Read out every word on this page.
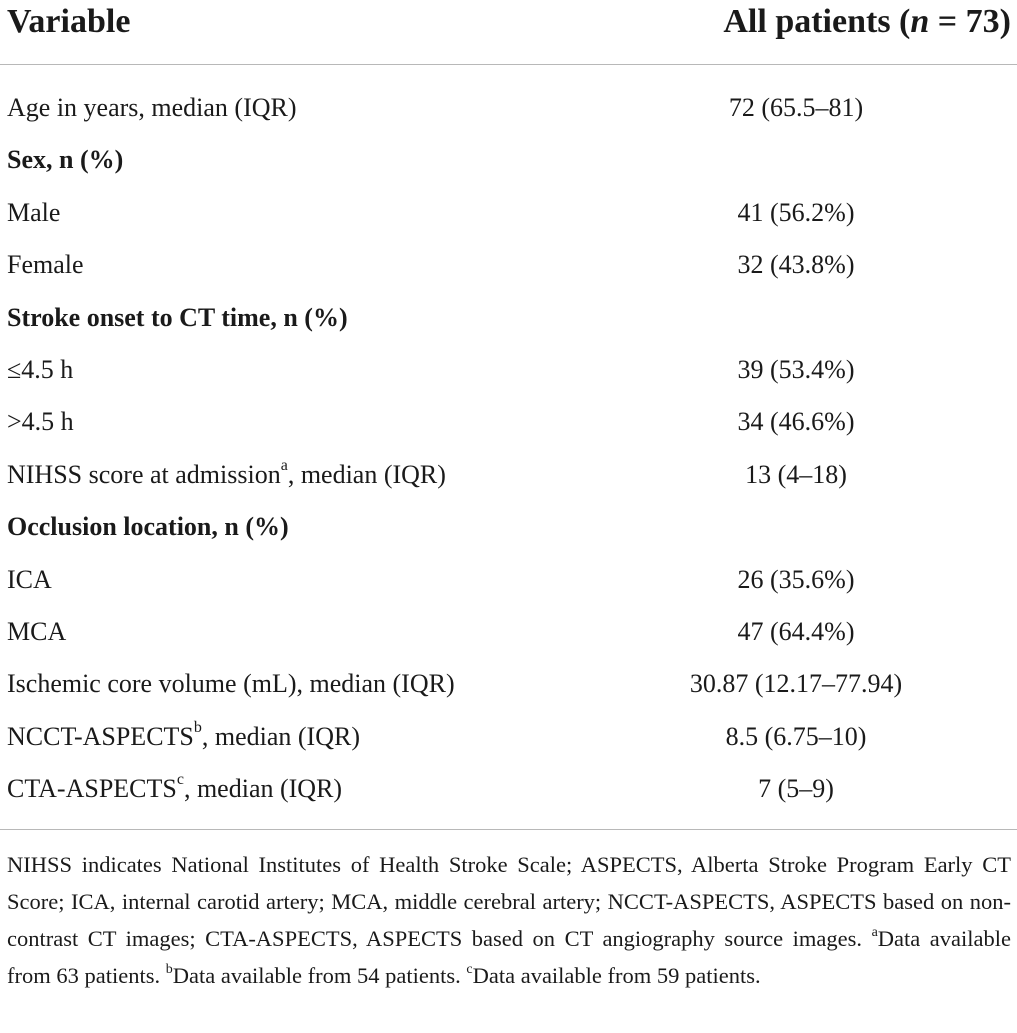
Variable	All patients (n = 73)
Age in years, median (IQR)	72 (65.5–81)
Sex, n (%)
Male	41 (56.2%)
Female	32 (43.8%)
Stroke onset to CT time, n (%)
≤4.5 h	39 (53.4%)
>4.5 h	34 (46.6%)
NIHSS score at admission$^a$, median (IQR)	13 (4–18)
Occlusion location, n (%)
ICA	26 (35.6%)
MCA	47 (64.4%)
Ischemic core volume (mL), median (IQR)	30.87 (12.17–77.94)
NCCT-ASPECTS$^b$, median (IQR)	8.5 (6.75–10)
CTA-ASPECTS$^c$, median (IQR)	7 (5–9)
NIHSS indicates National Institutes of Health Stroke Scale; ASPECTS, Alberta Stroke Program Early CT Score; ICA, internal carotid artery; MCA, middle cerebral artery; NCCT-ASPECTS, ASPECTS based on non-contrast CT images; CTA-ASPECTS, ASPECTS based on CT angiography source images. $^a$Data available from 63 patients. $^b$Data available from 54 patients. $^c$Data available from 59 patients.
